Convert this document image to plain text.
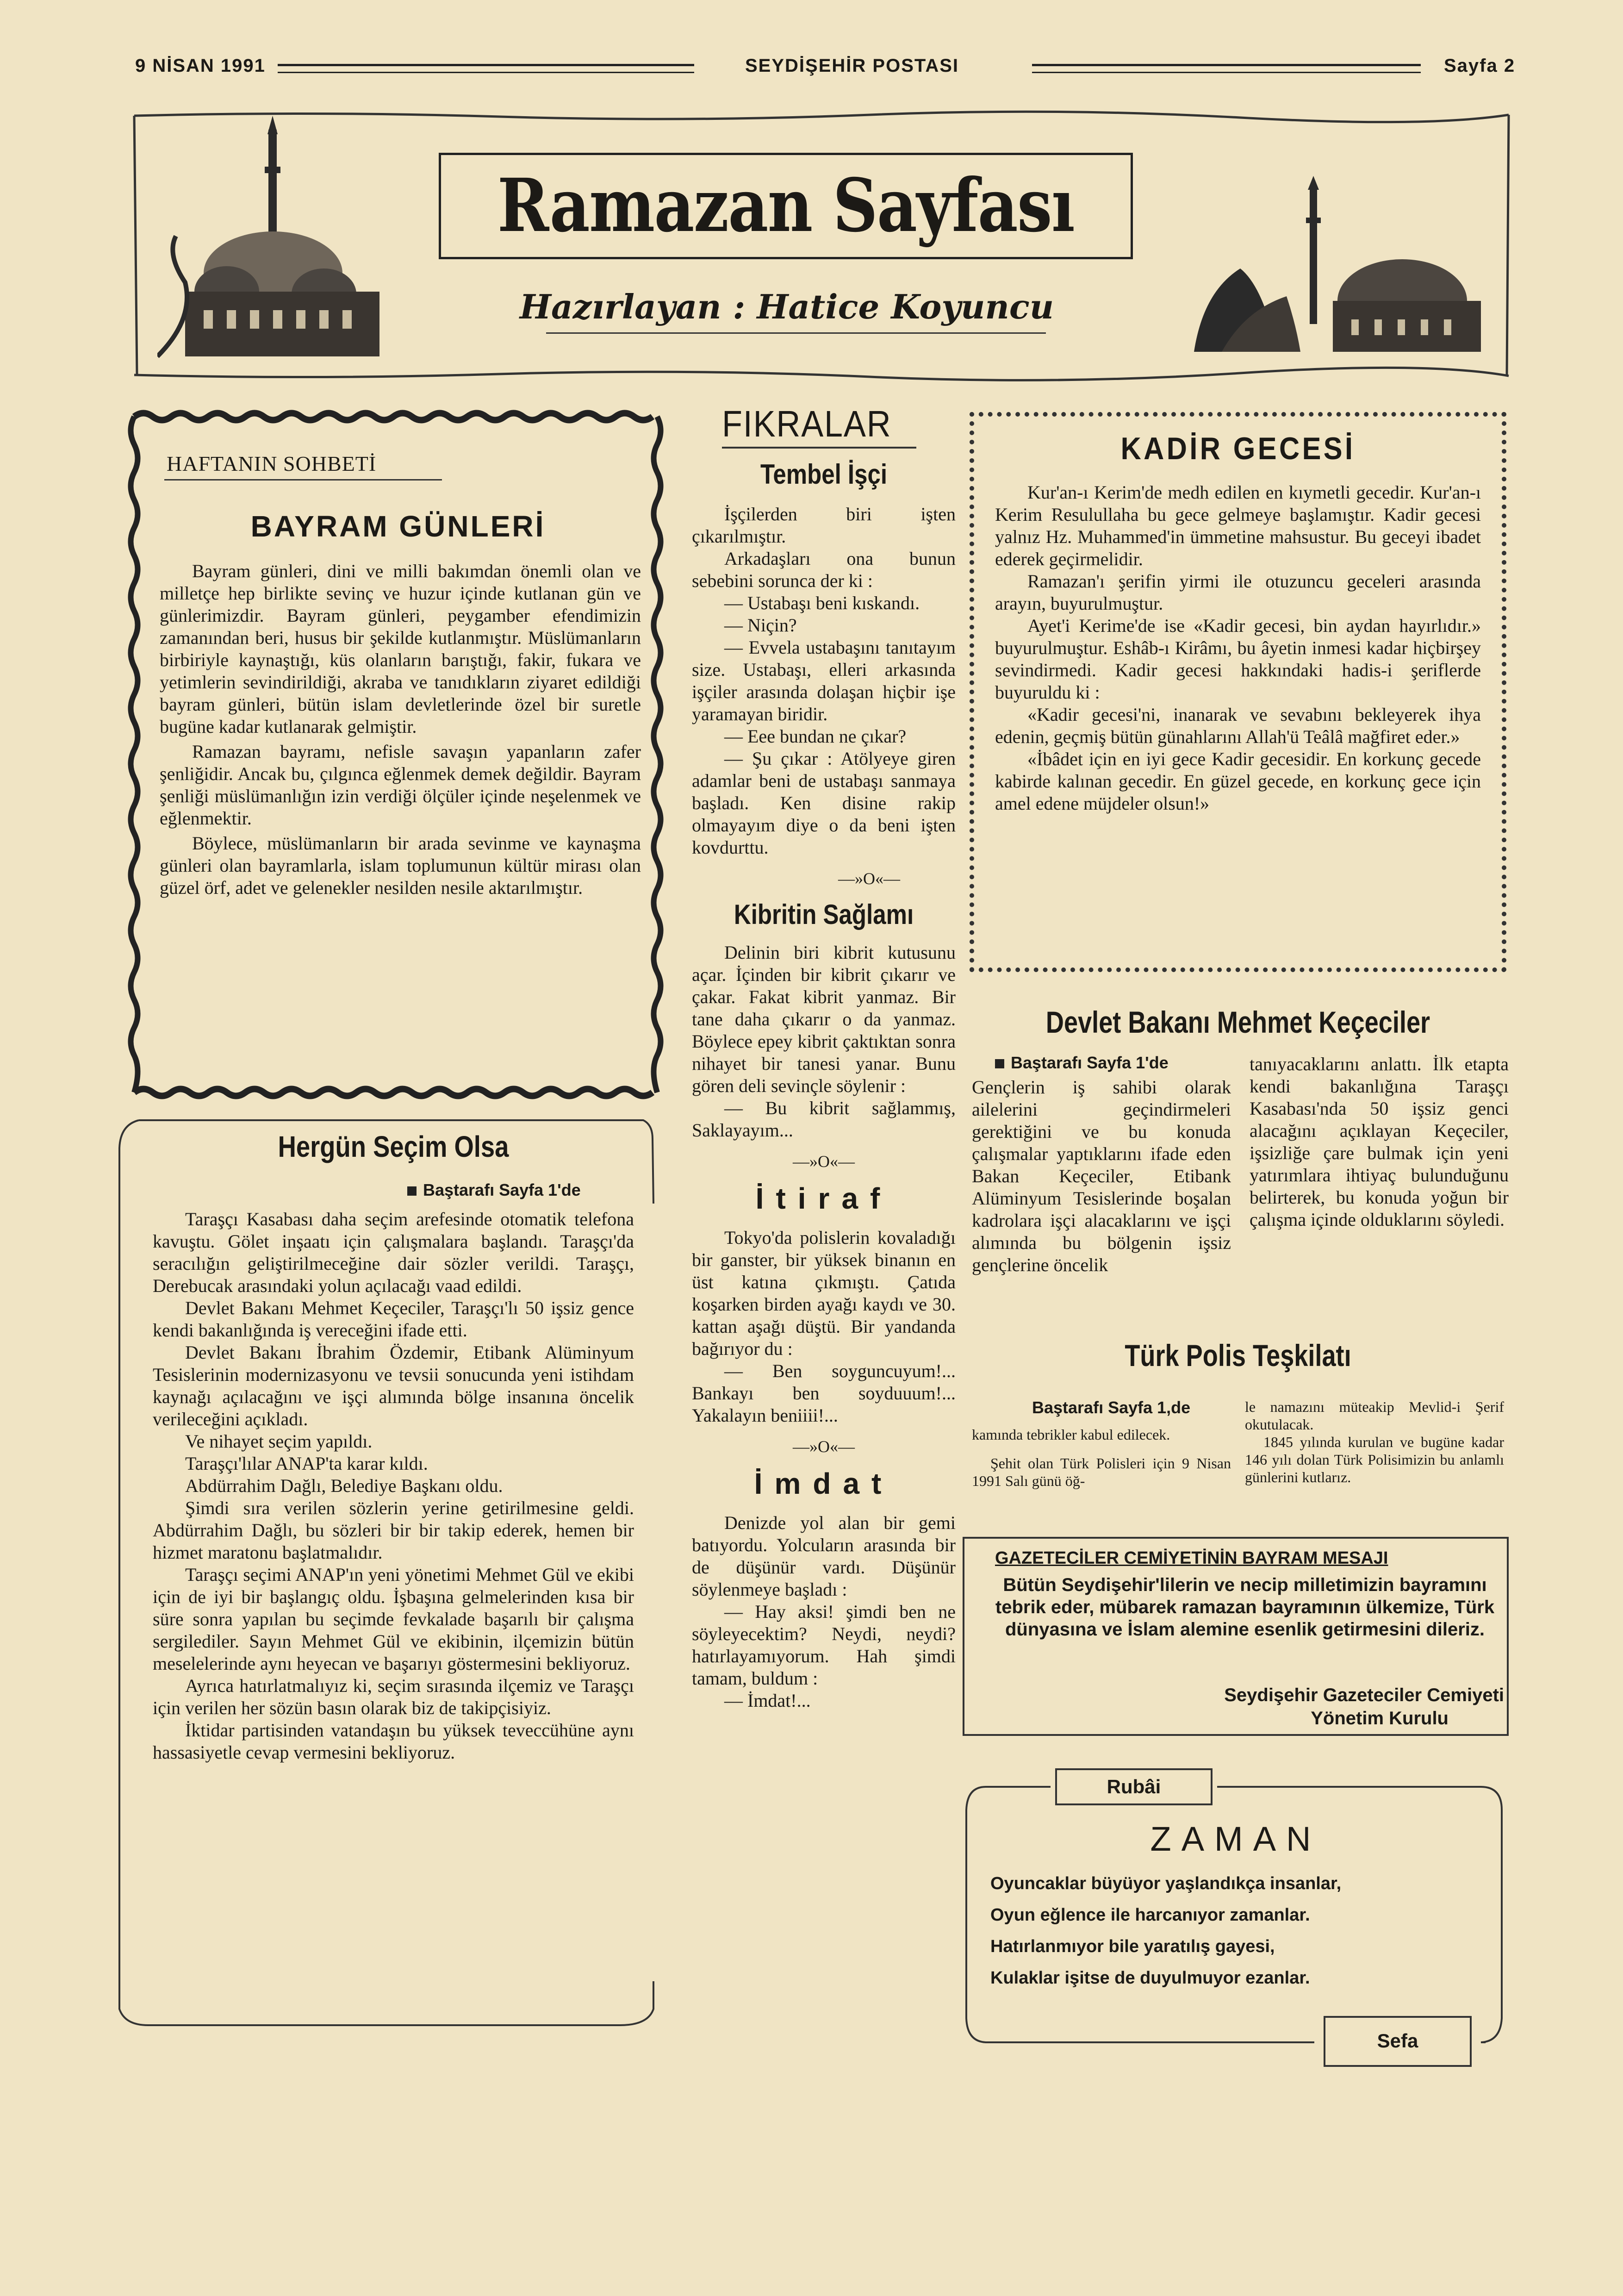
9 NİSAN 1991	SEYDİŞEHİR POSTASI	Sayfa 2
Ramazan Sayfası
Hazırlayan : Hatice Koyuncu
HAFTANIN SOHBETİ
BAYRAM GÜNLERİ

Bayram günleri, dini ve milli bakımdan önemli olan ve milletçe hep birlikte sevinç ve huzur içinde kutlanan gün ve günlerimizdir. Bayram günleri, peygamber efendimizin zamanından beri, husus bir şekilde kutlanmıştır. Müslümanların birbiriyle kaynaştığı, küs olanların barıştığı, fakir, fukara ve yetimlerin sevindirildiği, akraba ve tanıdıkların ziyaret edildiği bayram günleri, bütün islam devletlerinde özel bir suretle bugüne kadar kutlanarak gelmiştir.

Ramazan bayramı, nefisle savaşın yapanların zafer şenliğidir. Ancak bu, çılgınca eğlenmek demek değildir. Bayram şenliği müslümanlığın izin verdiği ölçüler içinde neşelenmek ve eğlenmektir.

Böylece, müslümanların bir arada sevinme ve kaynaşma günleri olan bayramlarla, islam toplumunun kültür mirası olan güzel örf, adet ve gelenekler nesilden nesile aktarılmıştır.

Hergün Seçim Olsa
Baştarafı Sayfa 1'de

Taraşçı Kasabası daha seçim arefesinde otomatik telefona kavuştu. Gölet inşaatı için çalışmalara başlandı. Taraşçı'da seracılığın geliştirilmeceğine dair sözler verildi. Taraşçı, Derebucak arasındaki yolun açılacağı vaad edildi.

Devlet Bakanı Mehmet Keçeciler, Taraşçı'lı 50 işsiz gence kendi bakanlığında iş vereceğini ifade etti.

Devlet Bakanı İbrahim Özdemir, Etibank Alüminyum Tesislerinin modernizasyonu ve tevsii sonucunda yeni istihdam kaynağı açılacağını ve işçi alımında bölge insanına öncelik verileceğini açıkladı.

Ve nihayet seçim yapıldı.

Taraşçı'lılar ANAP'ta karar kıldı.

Abdürrahim Dağlı, Belediye Başkanı oldu.

Şimdi sıra verilen sözlerin yerine getirilmesine geldi. Abdürrahim Dağlı, bu sözleri bir bir takip ederek, hemen bir hizmet maratonu başlatmalıdır.

Taraşçı seçimi ANAP'ın yeni yönetimi Mehmet Gül ve ekibi için de iyi bir başlangıç oldu. İşbaşına gelmelerinden kısa bir süre sonra yapılan bu seçimde fevkalade başarılı bir çalışma sergilediler. Sayın Mehmet Gül ve ekibinin, ilçemizin bütün meselelerinde aynı heyecan ve başarıyı göstermesini bekliyoruz.

Ayrıca hatırlatmalıyız ki, seçim sırasında ilçemiz ve Taraşçı için verilen her sözün basın olarak biz de takipçisiyiz.

İktidar partisinden vatandaşın bu yüksek teveccühüne aynı hassasiyetle cevap vermesini bekliyoruz.

FIKRALAR
Tembel İşçi

İşçilerden biri işten çıkarılmıştır.

Arkadaşları ona bunun sebebini sorunca der ki :

— Ustabaşı beni kıskandı.

— Niçin?

— Evvela ustabaşını tanıtayım size. Ustabaşı, elleri arkasında işçiler arasında dolaşan hiçbir işe yaramayan biridir.

— Eee bundan ne çıkar?

— Şu çıkar : Atölyeye giren adamlar beni de ustabaşı sanmaya başladı. Ken disine rakip olmayayım diye o da beni işten kovdurttu.

—»O«—
Kibritin Sağlamı

Delinin biri kibrit kutusunu açar. İçinden bir kibrit çıkarır ve çakar. Fakat kibrit yanmaz. Bir tane daha çıkarır o da yanmaz. Böylece epey kibrit çaktıktan sonra nihayet bir tanesi yanar. Bunu gören deli sevinçle söylenir :

— Bu kibrit sağlammış, Saklayayım...

—»O«—
İtiraf

Tokyo'da polislerin kovaladığı bir ganster, bir yüksek binanın en üst katına çıkmıştı. Çatıda koşarken birden ayağı kaydı ve 30. kattan aşağı düştü. Bir yandanda bağırıyor du :

— Ben soyguncuyum!... Bankayı ben soyduuum!... Yakalayın beniiii!...

—»O«—
İmdat

Denizde yol alan bir gemi batıyordu. Yolcuların arasında bir de düşünür vardı. Düşünür söylenmeye başladı :

— Hay aksi! şimdi ben ne söyleyecektim? Neydi, neydi? hatırlayamıyorum. Hah şimdi tamam, buldum :

— İmdat!...

KADİR GECESİ

Kur'an-ı Kerim'de medh edilen en kıymetli gecedir. Kur'an-ı Kerim Resulullaha bu gece gelmeye başlamıştır. Kadir gecesi yalnız Hz. Muhammed'in ümmetine mahsustur. Bu geceyi ibadet ederek geçirmelidir.

Ramazan'ı şerifin yirmi ile otuzuncu geceleri arasında arayın, buyurulmuştur.

Ayet'i Kerime'de ise «Kadir gecesi, bin aydan hayırlıdır.» buyurulmuştur. Eshâb-ı Kirâmı, bu âyetin inmesi kadar hiçbirşey sevindirmedi. Kadir gecesi hakkındaki hadis-i şeriflerde buyuruldu ki :

«Kadir gecesi'ni, inanarak ve sevabını bekleyerek ihya edenin, geçmiş bütün günahlarını Allah'ü Teâlâ mağfiret eder.»

«İbâdet için en iyi gece Kadir gecesidir. En korkunç gecede kabirde kalınan gecedir. En güzel gecede, en korkunç gece için amel edene müjdeler olsun!»

Devlet Bakanı Mehmet Keçeciler
Baştarafı Sayfa 1'de
Gençlerin iş sahibi olarak ailelerini geçindirmeleri gerektiğini ve bu konuda çalışmalar yaptıklarını ifade eden Bakan Keçeciler, Etibank Alüminyum Tesislerinde boşalan kadrolara işçi alacaklarını ve işçi alımında bu bölgenin işsiz gençlerine öncelik
tanıyacaklarını anlattı. İlk etapta kendi bakanlığına Taraşçı Kasabası'nda 50 işsiz genci alacağını açıklayan Keçeciler, işsizliğe çare bulmak için yeni yatırımlara ihtiyaç bulunduğunu belirterek, bu konuda yoğun bir çalışma içinde olduklarını söyledi.
Türk Polis Teşkilatı
Baştarafı Sayfa 1,de
kamında tebrikler kabul edilecek.
Şehit olan Türk Polisleri için 9 Nisan 1991 Salı günü öğ-
le namazını müteakip Mevlid-i Şerif okutulacak.
1845 yılında kurulan ve bugüne kadar 146 yılı dolan Türk Polisimizin bu anlamlı günlerini kutlarız.
GAZETECİLER CEMİYETİNİN BAYRAM MESAJI
Bütün Seydişehir'lilerin ve necip milletimizin bayramını tebrik eder, mübarek ramazan bayramının ülkemize, Türk dünyasına ve İslam alemine esenlik getirmesini dileriz.
Seydişehir Gazeteciler Cemiyeti
Yönetim Kurulu
Rubâi
ZAMAN
Oyuncaklar büyüyor yaşlandıkça insanlar,
Oyun eğlence ile harcanıyor zamanlar.
Hatırlanmıyor bile yaratılış gayesi,
Kulaklar işitse de duyulmuyor ezanlar.
Sefa
